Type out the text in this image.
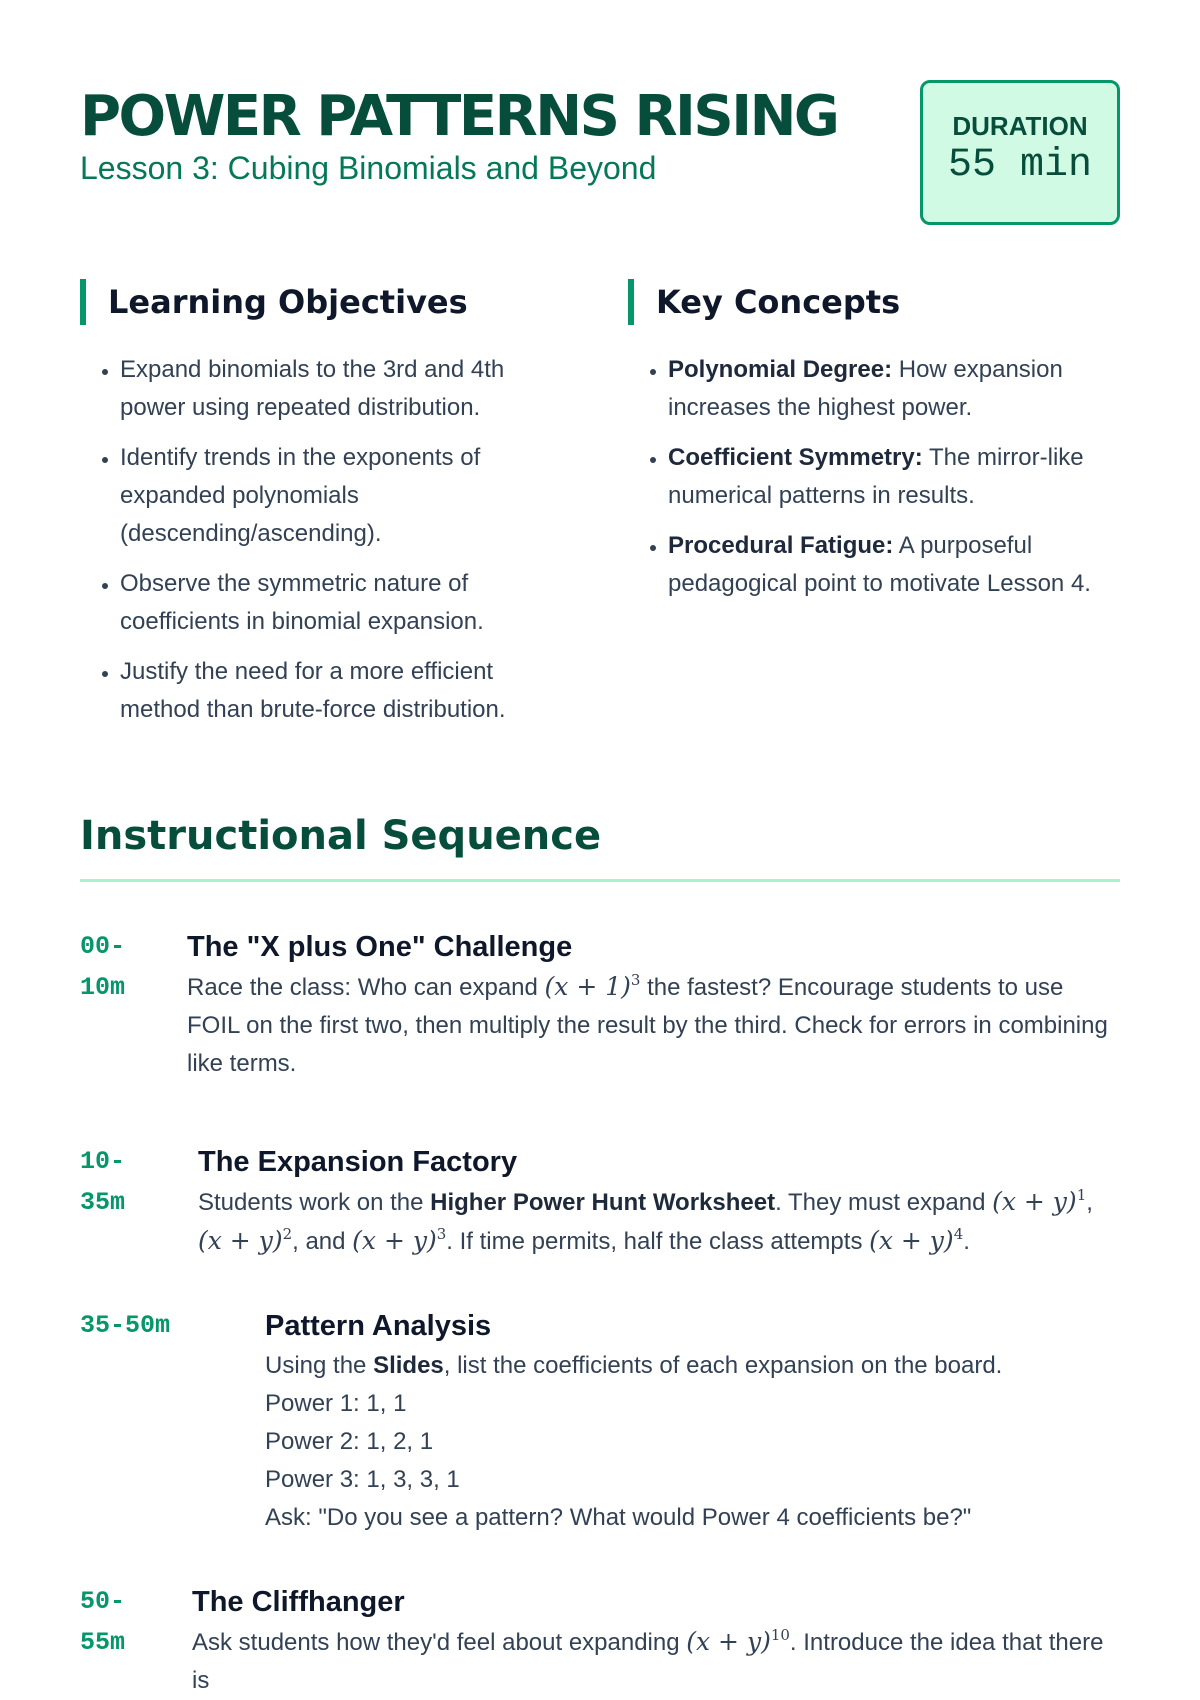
POWER PATTERNS RISING

Lesson 3: Cubing Binomials and Beyond

DURATION
55 min
Learning Objectives
• Expand binomials to the 3rd and 4th power using repeated distribution.
• Identify trends in the exponents of expanded polynomials (descending/ascending).
• Observe the symmetric nature of coefficients in binomial expansion.
• Justify the need for a more efficient method than brute-force distribution.
Key Concepts
• Polynomial Degree: How expansion increases the highest power.
• Coefficient Symmetry: The mirror-like numerical patterns in results.
• Procedural Fatigue: A purposeful pedagogical point to motivate Lesson 4.
Instructional Sequence
00-
10m
The "X plus One" Challenge

Race the class: Who can expand $(x + 1)^3$ the fastest? Encourage students to use FOIL on the first two, then multiply the result by the third. Check for errors in combining like terms.

10-
35m
The Expansion Factory

Students work on the Higher Power Hunt Worksheet. They must expand $(x + y)^1$,
$(x + y)^2$, and $(x + y)^3$. If time permits, half the class attempts $(x + y)^4$.

35-50m	Pattern Analysis

Using the Slides, list the coefficients of each expansion on the board.

Power 1: 1, 1
Power 2: 1, 2, 1
Power 3: 1, 3, 3, 1
Ask: "Do you see a pattern? What would Power 4 coefficients be?"
50-
55m
The Cliffhanger

Ask students how they'd feel about expanding $(x + y)^{10}$. Introduce the idea that there is
